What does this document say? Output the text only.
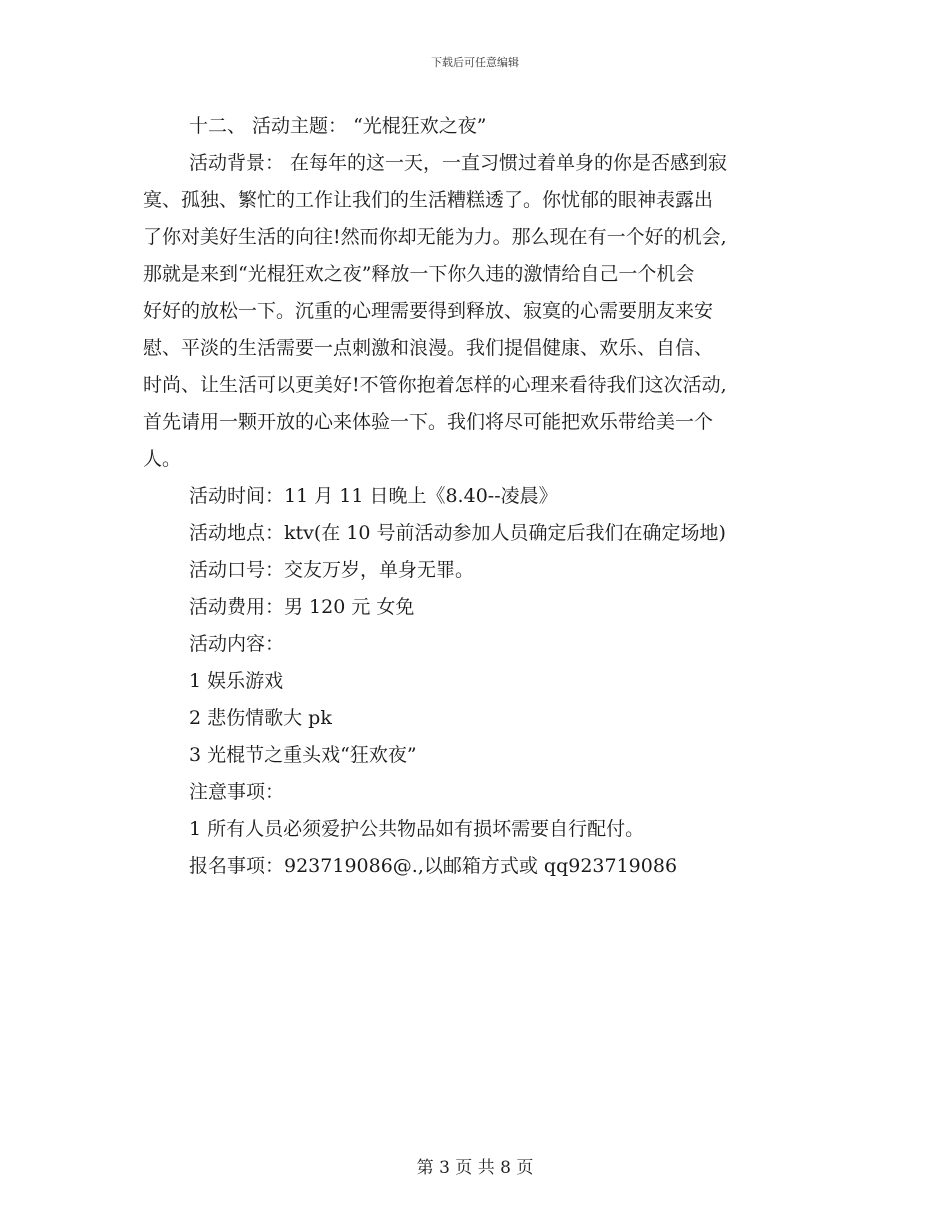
下载后可任意编辑
十二、 活动主题： “光棍狂欢之夜”
活动背景： 在每年的这一天，一直习惯过着单身的你是否感到寂
寞、孤独、繁忙的工作让我们的生活糟糕透了。你忧郁的眼神表露出
了你对美好生活的向往!然而你却无能为力。那么现在有一个好的机会,
那就是来到“光棍狂欢之夜”释放一下你久违的激情给自己一个机会
好好的放松一下。沉重的心理需要得到释放、寂寞的心需要朋友来安
慰、平淡的生活需要一点刺激和浪漫。我们提倡健康、欢乐、自信、
时尚、让生活可以更美好!不管你抱着怎样的心理来看待我们这次活动,
首先请用一颗开放的心来体验一下。我们将尽可能把欢乐带给美一个
人。
活动时间：11 月 11 日晚上《8.40--凌晨》
活动地点：ktv(在 10 号前活动参加人员确定后我们在确定场地)
活动口号：交友万岁，单身无罪。
活动费用：男 120 元 女免
活动内容：
1 娱乐游戏
2 悲伤情歌大 pk
3 光棍节之重头戏“狂欢夜”
注意事项：
1 所有人员必须爱护公共物品如有损坏需要自行配付。
报名事项：923719086@.,以邮箱方式或 qq923719086
第 3 页 共 8 页
